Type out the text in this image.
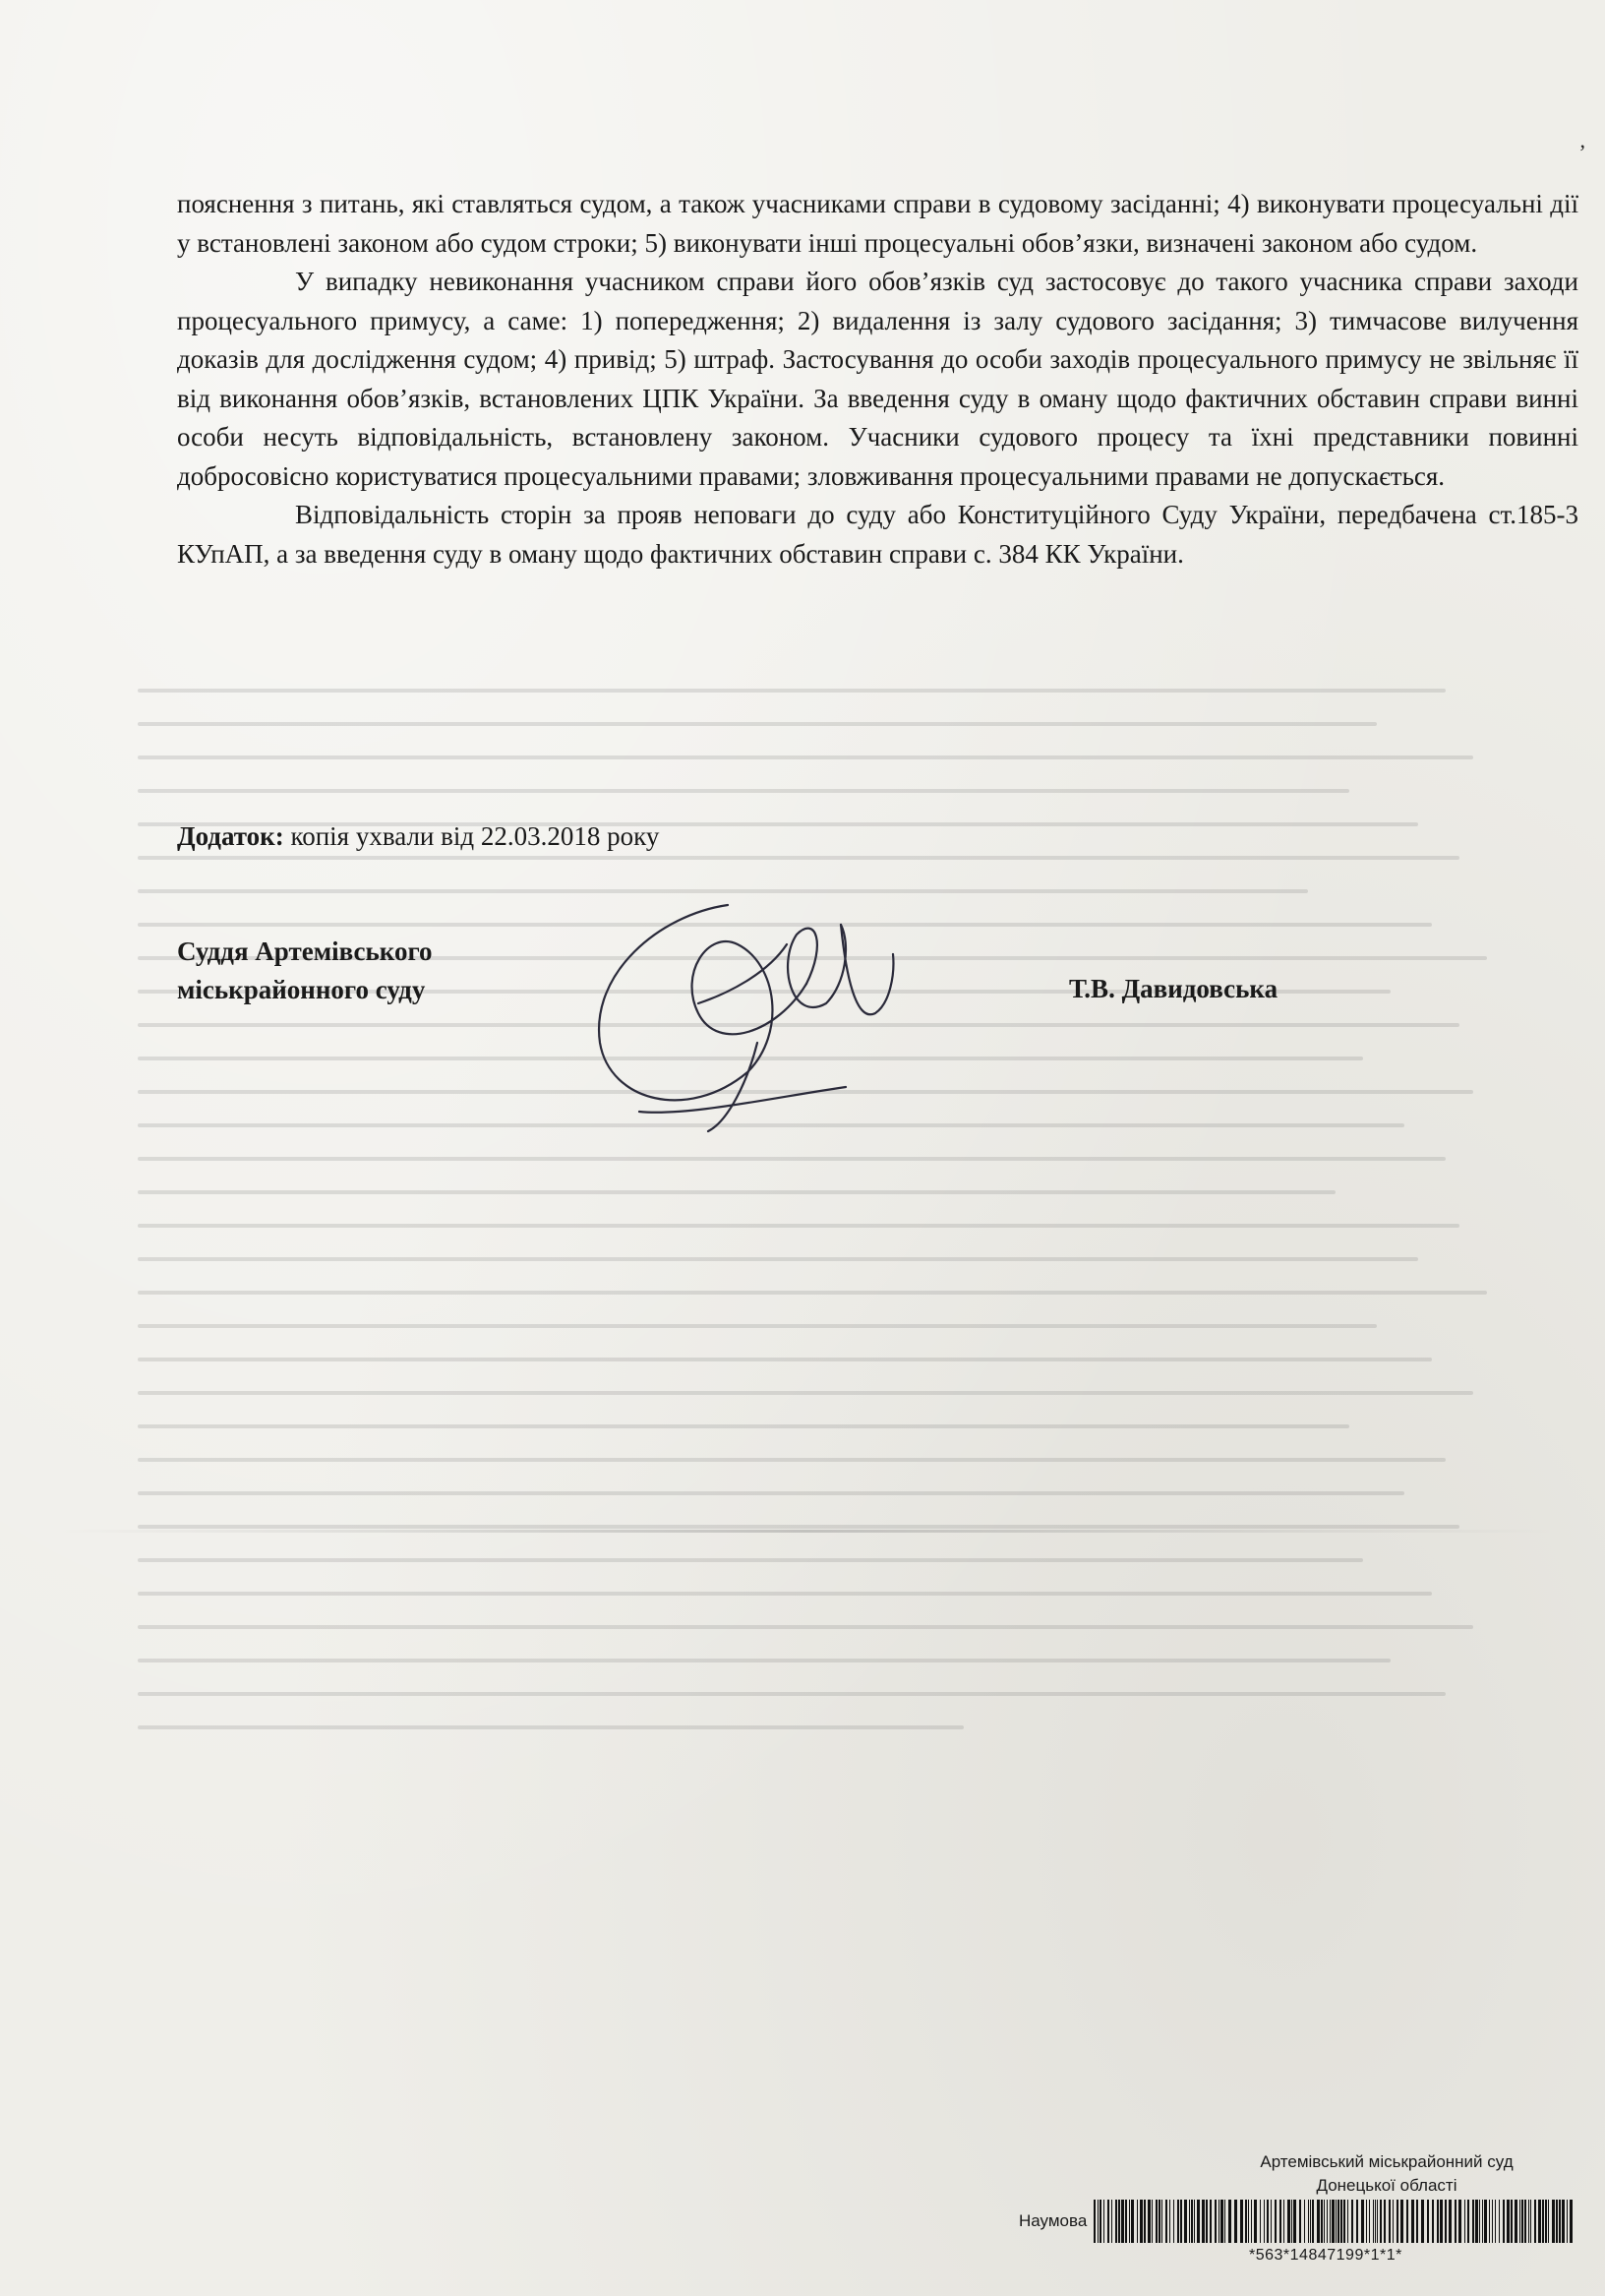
,

пояснення з питань, які ставляться судом, а також учасниками справи в судовому засіданні; 4) виконувати процесуальні дії у встановлені законом або судом строки; 5) виконувати інші процесуальні обов’язки, визначені законом або судом.

У випадку невиконання учасником справи його обов’язків суд застосовує до такого учасника справи заходи процесуального примусу, а саме: 1) попередження; 2) видалення із залу судового засідання; 3) тимчасове вилучення доказів для дослідження судом; 4) привід; 5) штраф. Застосування до особи заходів процесуального примусу не звільняє її від виконання обов’язків, встановлених ЦПК України. За введення суду в оману щодо фактичних обставин справи винні особи несуть відповідальність, встановлену законом. Учасники судового процесу та їхні представники повинні добросовісно користуватися процесуальними правами; зловживання процесуальними правами не допускається.

Відповідальність сторін за прояв неповаги до суду або Конституційного Суду України, передбачена ст.185-3 КУпАП, а за введення суду в оману щодо фактичних обставин справи с. 384 КК України.

Додаток: копія ухвали від 22.03.2018 року
Суддя Артемівського
міськрайонного суду	Т.В. Давидовська
Артемівський міськрайонний суд
Донецької області
Наумова
*563*14847199*1*1*
